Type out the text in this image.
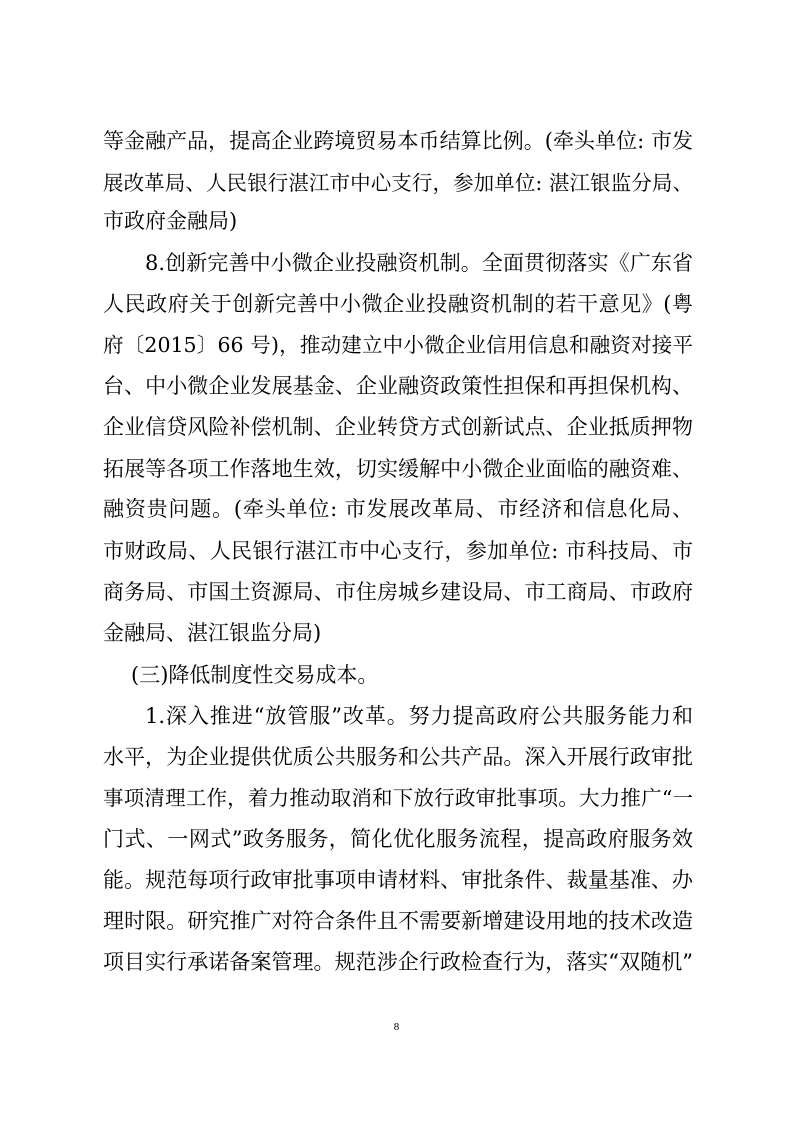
等金融产品，提高企业跨境贸易本币结算比例。(牵头单位: 市发
展改革局、人民银行湛江市中心支行，参加单位: 湛江银监分局、
市政府金融局)
8.创新完善中小微企业投融资机制。全面贯彻落实《广东省
人民政府关于创新完善中小微企业投融资机制的若干意见》(粤
府〔2015〕66 号)，推动建立中小微企业信用信息和融资对接平
台、中小微企业发展基金、企业融资政策性担保和再担保机构、
企业信贷风险补偿机制、企业转贷方式创新试点、企业抵质押物
拓展等各项工作落地生效，切实缓解中小微企业面临的融资难、
融资贵问题。(牵头单位: 市发展改革局、市经济和信息化局、
市财政局、人民银行湛江市中心支行，参加单位: 市科技局、市
商务局、市国土资源局、市住房城乡建设局、市工商局、市政府
金融局、湛江银监分局)
(三)降低制度性交易成本。
1.深入推进“放管服”改革。努力提高政府公共服务能力和
水平，为企业提供优质公共服务和公共产品。深入开展行政审批
事项清理工作，着力推动取消和下放行政审批事项。大力推广“一
门式、一网式”政务服务，简化优化服务流程，提高政府服务效
能。规范每项行政审批事项申请材料、审批条件、裁量基准、办
理时限。研究推广对符合条件且不需要新增建设用地的技术改造
项目实行承诺备案管理。规范涉企行政检查行为，落实“双随机”
8
